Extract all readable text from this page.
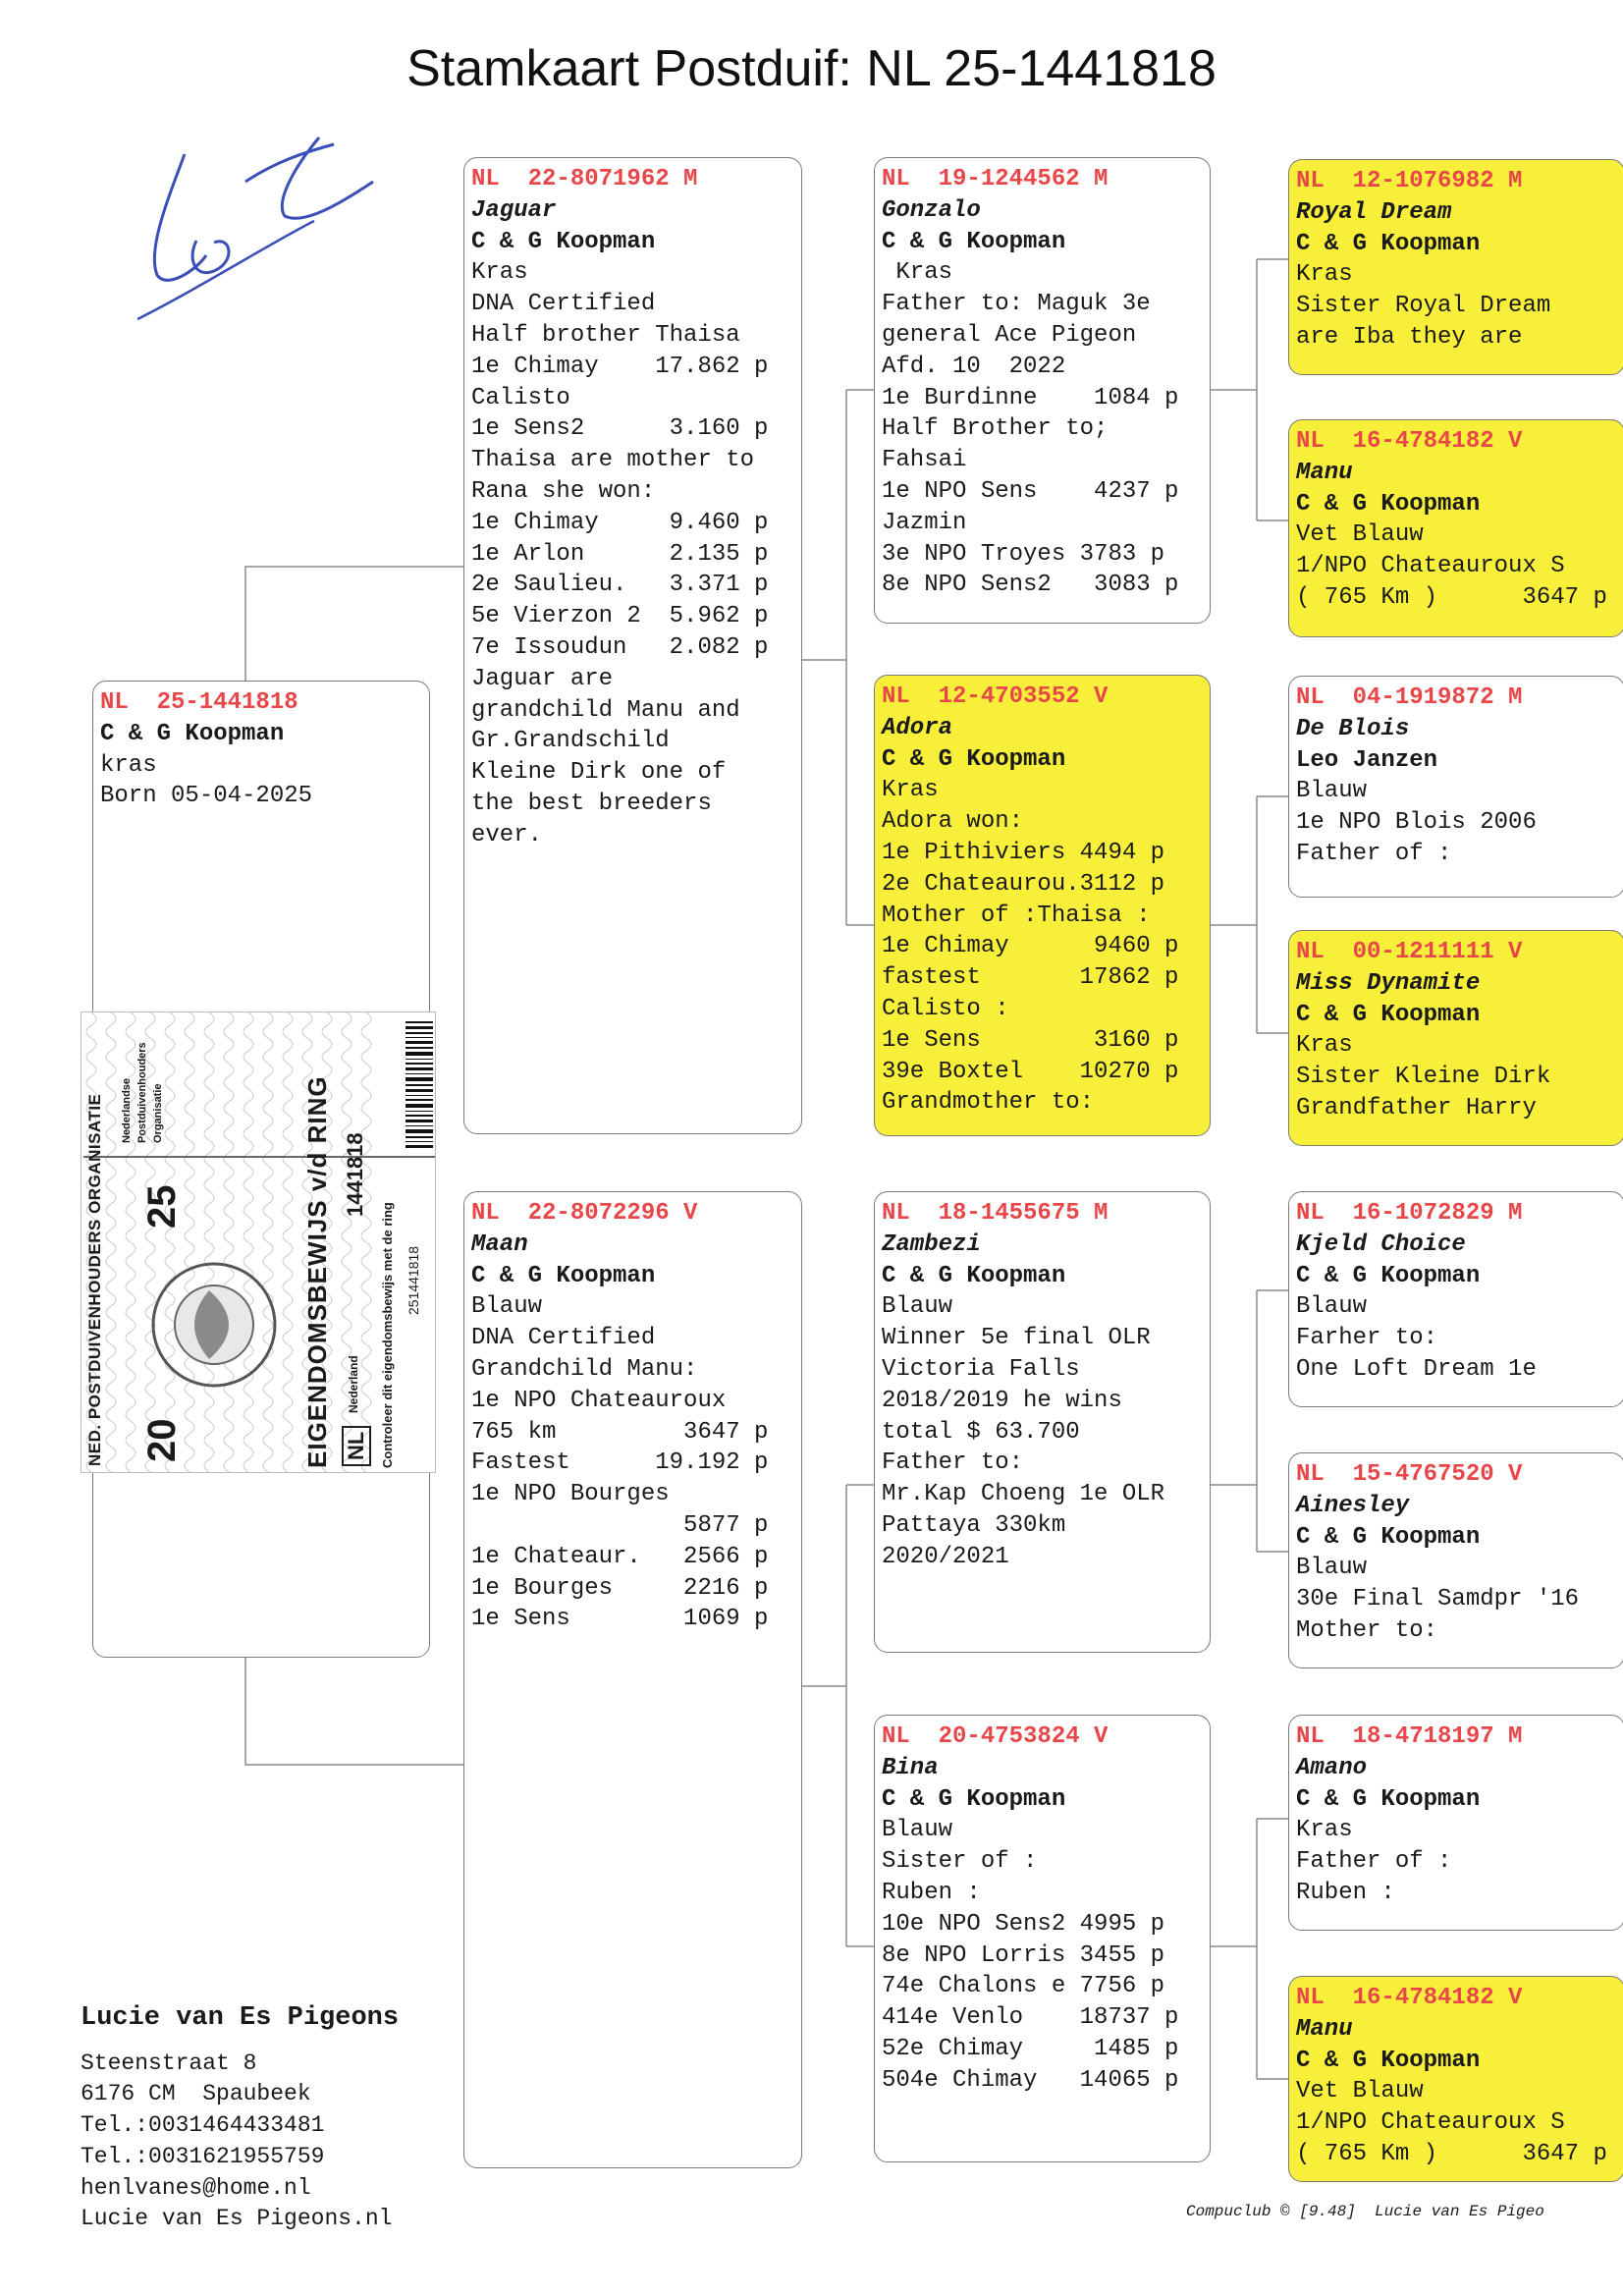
Stamkaart Postduif: NL 25-1441818
NL  25-1441818
C & G Koopman
kras
Born 05-04-2025
NL  22-8071962 M
Jaguar
C & G Koopman
Kras
DNA Certified
Half brother Thaisa
1e Chimay    17.862 p
Calisto
1e Sens2      3.160 p
Thaisa are mother to
Rana she won:
1e Chimay     9.460 p
1e Arlon      2.135 p
2e Saulieu.   3.371 p
5e Vierzon 2  5.962 p
7e Issoudun   2.082 p
Jaguar are
grandchild Manu and
Gr.Grandschild
Kleine Dirk one of
the best breeders
ever.
NL  22-8072296 V
Maan
C & G Koopman
Blauw
DNA Certified
Grandchild Manu:
1e NPO Chateauroux
765 km         3647 p
Fastest      19.192 p
1e NPO Bourges
5877 p
1e Chateaur.   2566 p
1e Bourges     2216 p
1e Sens        1069 p
NL  19-1244562 M
Gonzalo
C & G Koopman
Kras
Father to: Maguk 3e
general Ace Pigeon
Afd. 10  2022
1e Burdinne    1084 p
Half Brother to;
Fahsai
1e NPO Sens    4237 p
Jazmin
3e NPO Troyes 3783 p
8e NPO Sens2   3083 p
NL  12-4703552 V
Adora
C & G Koopman
Kras
Adora won:
1e Pithiviers 4494 p
2e Chateaurou.3112 p
Mother of :Thaisa :
1e Chimay      9460 p
fastest       17862 p
Calisto :
1e Sens        3160 p
39e Boxtel    10270 p
Grandmother to:
NL  18-1455675 M
Zambezi
C & G Koopman
Blauw
Winner 5e final OLR
Victoria Falls
2018/2019 he wins
total $ 63.700
Father to:
Mr.Kap Choeng 1e OLR
Pattaya 330km
2020/2021
NL  20-4753824 V
Bina
C & G Koopman
Blauw
Sister of :
Ruben :
10e NPO Sens2 4995 p
8e NPO Lorris 3455 p
74e Chalons e 7756 p
414e Venlo    18737 p
52e Chimay     1485 p
504e Chimay   14065 p
NL  12-1076982 M
Royal Dream
C & G Koopman
Kras
Sister Royal Dream
are Iba they are
NL  16-4784182 V
Manu
C & G Koopman
Vet Blauw
1/NPO Chateauroux S
( 765 Km )      3647 p
NL  04-1919872 M
De Blois
Leo Janzen
Blauw
1e NPO Blois 2006
Father of :
NL  00-1211111 V
Miss Dynamite
C & G Koopman
Kras
Sister Kleine Dirk
Grandfather Harry
NL  16-1072829 M
Kjeld Choice
C & G Koopman
Blauw
Farher to:
One Loft Dream 1e
NL  15-4767520 V
Ainesley
C & G Koopman
Blauw
30e Final Samdpr '16
Mother to:
NL  18-4718197 M
Amano
C & G Koopman
Kras
Father of :
Ruben :
NL  16-4784182 V
Manu
C & G Koopman
Vet Blauw
1/NPO Chateauroux S
( 765 Km )      3647 p
NED. POSTDUIVENHOUDERS ORGANISATIE 20
25	EIGENDOMSBEWIJS v/d RING NL
1441818
Nederland Controleer dit eigendomsbewijs met de ring 251441818
Nederlandse Postduivenhouders Organisatie
Lucie van Es Pigeons
Steenstraat 8
6176 CM  Spaubeek
Tel.:0031464433481
Tel.:0031621955759
henlvanes@home.nl
Lucie van Es Pigeons.nl	Compuclub © [9.48]  Lucie van Es Pigeo
